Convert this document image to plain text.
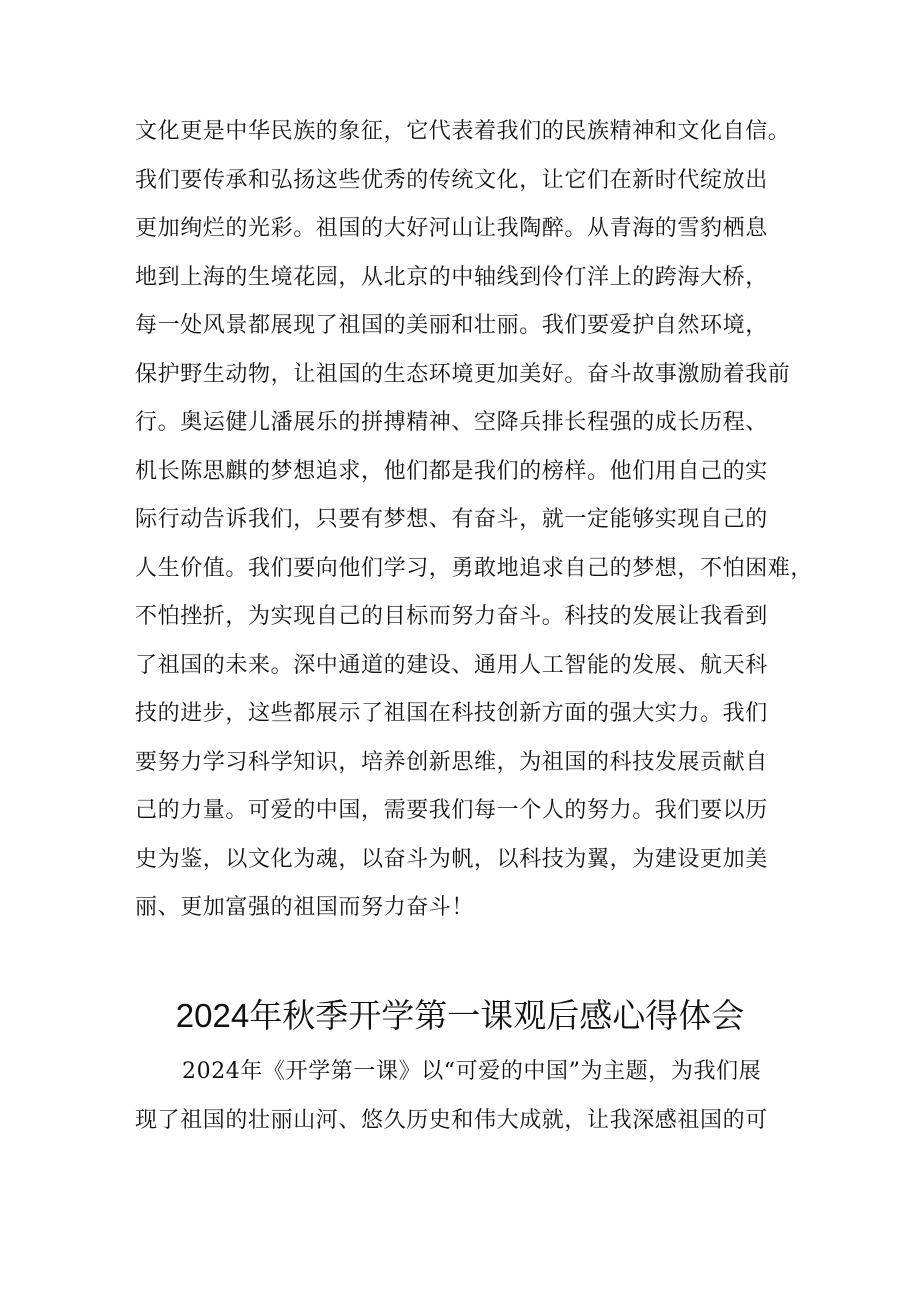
文化更是中华民族的象征，它代表着我们的民族精神和文化自信。
我们要传承和弘扬这些优秀的传统文化，让它们在新时代绽放出
更加绚烂的光彩。祖国的大好河山让我陶醉。从青海的雪豹栖息
地到上海的生境花园，从北京的中轴线到伶仃洋上的跨海大桥，
每一处风景都展现了祖国的美丽和壮丽。我们要爱护自然环境，
保护野生动物，让祖国的生态环境更加美好。奋斗故事激励着我前
行。奥运健儿潘展乐的拼搏精神、空降兵排长程强的成长历程、
机长陈思麒的梦想追求，他们都是我们的榜样。他们用自己的实
际行动告诉我们，只要有梦想、有奋斗，就一定能够实现自己的
人生价值。我们要向他们学习，勇敢地追求自己的梦想，不怕困难，
不怕挫折，为实现自己的目标而努力奋斗。科技的发展让我看到
了祖国的未来。深中通道的建设、通用人工智能的发展、航天科
技的进步，这些都展示了祖国在科技创新方面的强大实力。我们
要努力学习科学知识，培养创新思维，为祖国的科技发展贡献自
己的力量。可爱的中国，需要我们每一个人的努力。我们要以历
史为鉴，以文化为魂，以奋斗为帆，以科技为翼，为建设更加美
丽、更加富强的祖国而努力奋斗！
2024年秋季开学第一课观后感心得体会
2024年《开学第一课》以“可爱的中国”为主题，为我们展
现了祖国的壮丽山河、悠久历史和伟大成就，让我深感祖国的可
